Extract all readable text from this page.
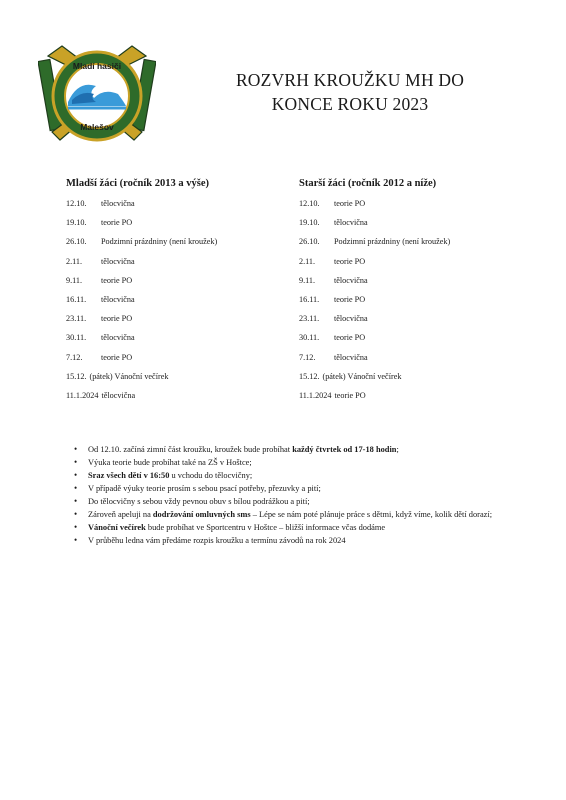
Mladí hasiči
Malešov
ROZVRH KROUŽKU MH DO
KONCE ROKU 2023
Mladší žáci (ročník 2013 a výše)
12.10. tělocvična
19.10. teorie PO
26.10. Podzimní prázdniny (není kroužek)
2.11. tělocvična
9.11. teorie PO
16.11. tělocvična
23.11. teorie PO
30.11. tělocvična
7.12. teorie PO
15.12. (pátek) Vánoční večírek
11.1.2024 tělocvična
Starší žáci (ročník 2012 a níže)
12.10. teorie PO
19.10. tělocvična
26.10. Podzimní prázdniny (není kroužek)
2.11. teorie PO
9.11. tělocvična
16.11. teorie PO
23.11. tělocvična
30.11. teorie PO
7.12. tělocvična
15.12. (pátek) Vánoční večírek
11.1.2024 teorie PO
• Od 12.10. začíná zimní část kroužku, kroužek bude probíhat každý čtvrtek od 17-18 hodin;
• Výuka teorie bude probíhat také na ZŠ v Hoštce;
• Sraz všech dětí v 16:50 u vchodu do tělocvičny;
• V případě výuky teorie prosím s sebou psací potřeby, přezuvky a pití;
• Do tělocvičny s sebou vždy pevnou obuv s bílou podrážkou a pití;
• Zároveň apeluji na dodržování omluvných sms – Lépe se nám poté plánuje práce s dětmi, když víme, kolik dětí dorazí;
• Vánoční večírek bude probíhat ve Sportcentru v Hoštce – bližší informace včas dodáme
• V průběhu ledna vám předáme rozpis kroužku a termínu závodů na rok 2024
